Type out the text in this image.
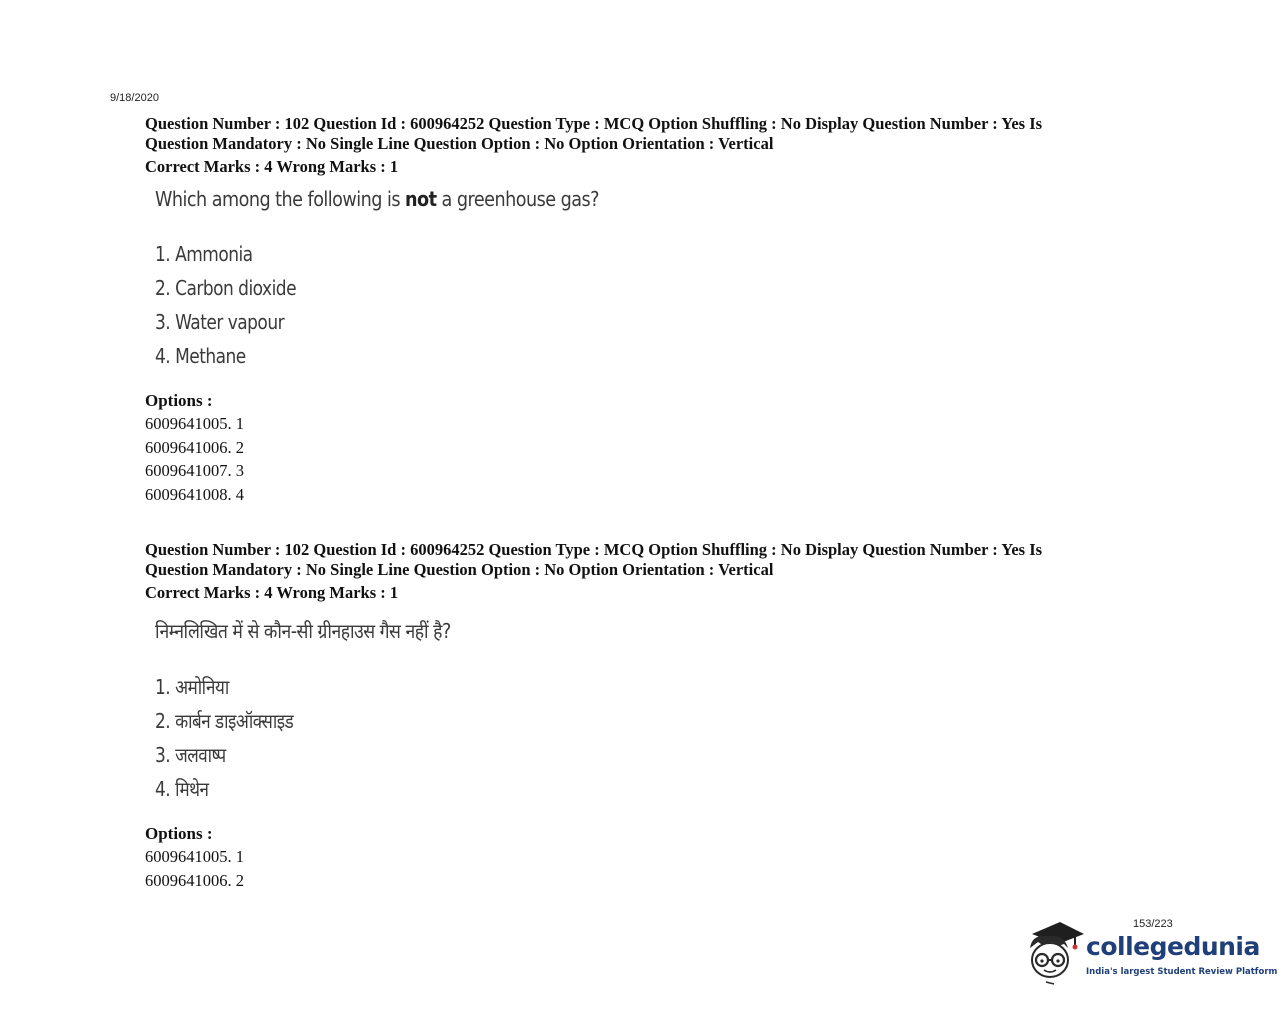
9/18/2020
Question Number : 102 Question Id : 600964252 Question Type : MCQ Option Shuffling : No Display Question Number : Yes Is
Question Mandatory : No Single Line Question Option : No Option Orientation : Vertical
Correct Marks : 4 Wrong Marks : 1
Which among the following is not a greenhouse gas?
1. Ammonia
2. Carbon dioxide
3. Water vapour
4. Methane
Options :
6009641005. 1
6009641006. 2
6009641007. 3
6009641008. 4
Question Number : 102 Question Id : 600964252 Question Type : MCQ Option Shuffling : No Display Question Number : Yes Is
Question Mandatory : No Single Line Question Option : No Option Orientation : Vertical
Correct Marks : 4 Wrong Marks : 1
निम्नलिखित में से कौन-सी ग्रीनहाउस गैस नहीं है?
1. अमोनिया
2. कार्बन डाइऑक्साइड
3. जलवाष्प
4. मिथेन
Options :
6009641005. 1
6009641006. 2
153/223
collegedunia
India's largest Student Review Platform
